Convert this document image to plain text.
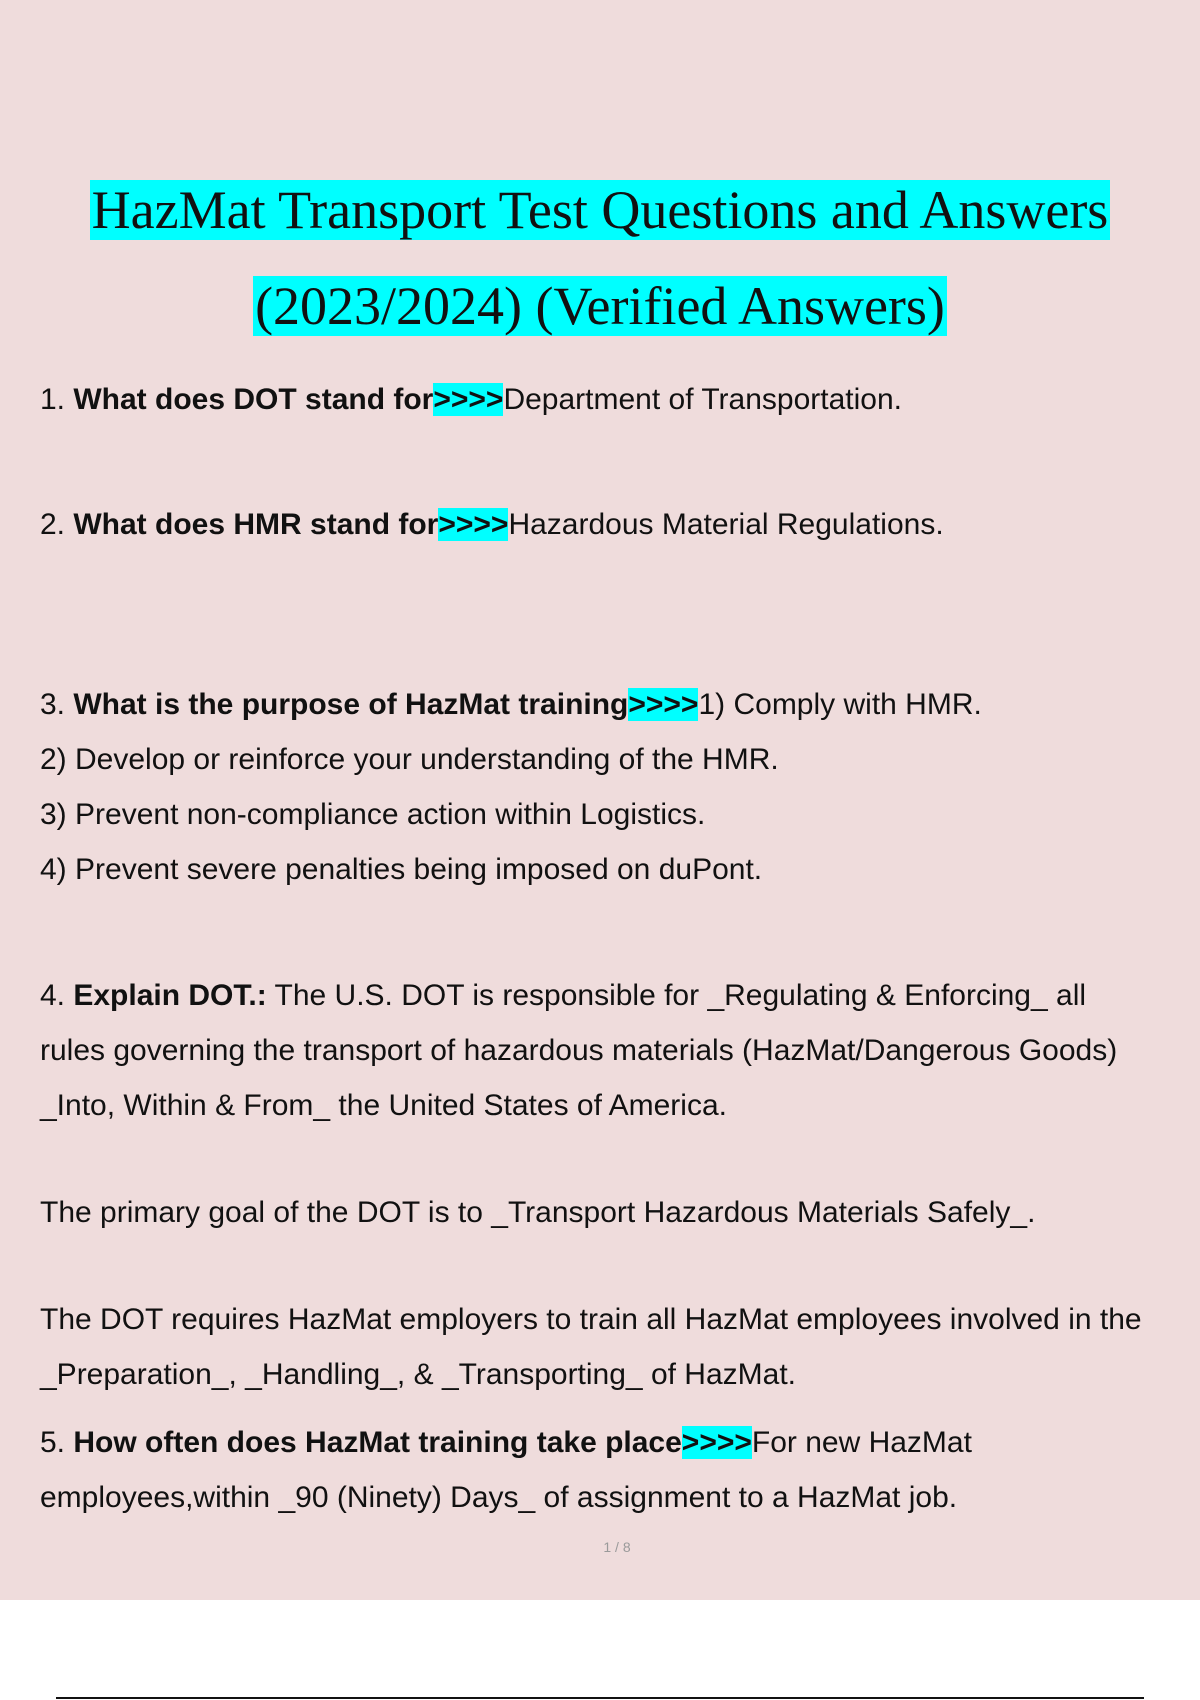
HazMat Transport Test Questions and Answers
(2023/2024) (Verified Answers)

1. What does DOT stand for>>>>Department of Transportation.

2. What does HMR stand for>>>>Hazardous Material Regulations.

3. What is the purpose of HazMat training>>>>1) Comply with HMR.
2) Develop or reinforce your understanding of the HMR.
3) Prevent non-compliance action within Logistics.
4) Prevent severe penalties being imposed on duPont.

4. Explain DOT.: The U.S. DOT is responsible for _Regulating & Enforcing_ all
rules governing the transport of hazardous materials (HazMat/Dangerous Goods)
_Into, Within & From_ the United States of America.

The primary goal of the DOT is to _Transport Hazardous Materials Safely_.

The DOT requires HazMat employers to train all HazMat employees involved in the
_Preparation_, _Handling_, & _Transporting_ of HazMat.

5. How often does HazMat training take place>>>>For new HazMat
employees,within _90 (Ninety) Days_ of assignment to a HazMat job.

1 / 8
